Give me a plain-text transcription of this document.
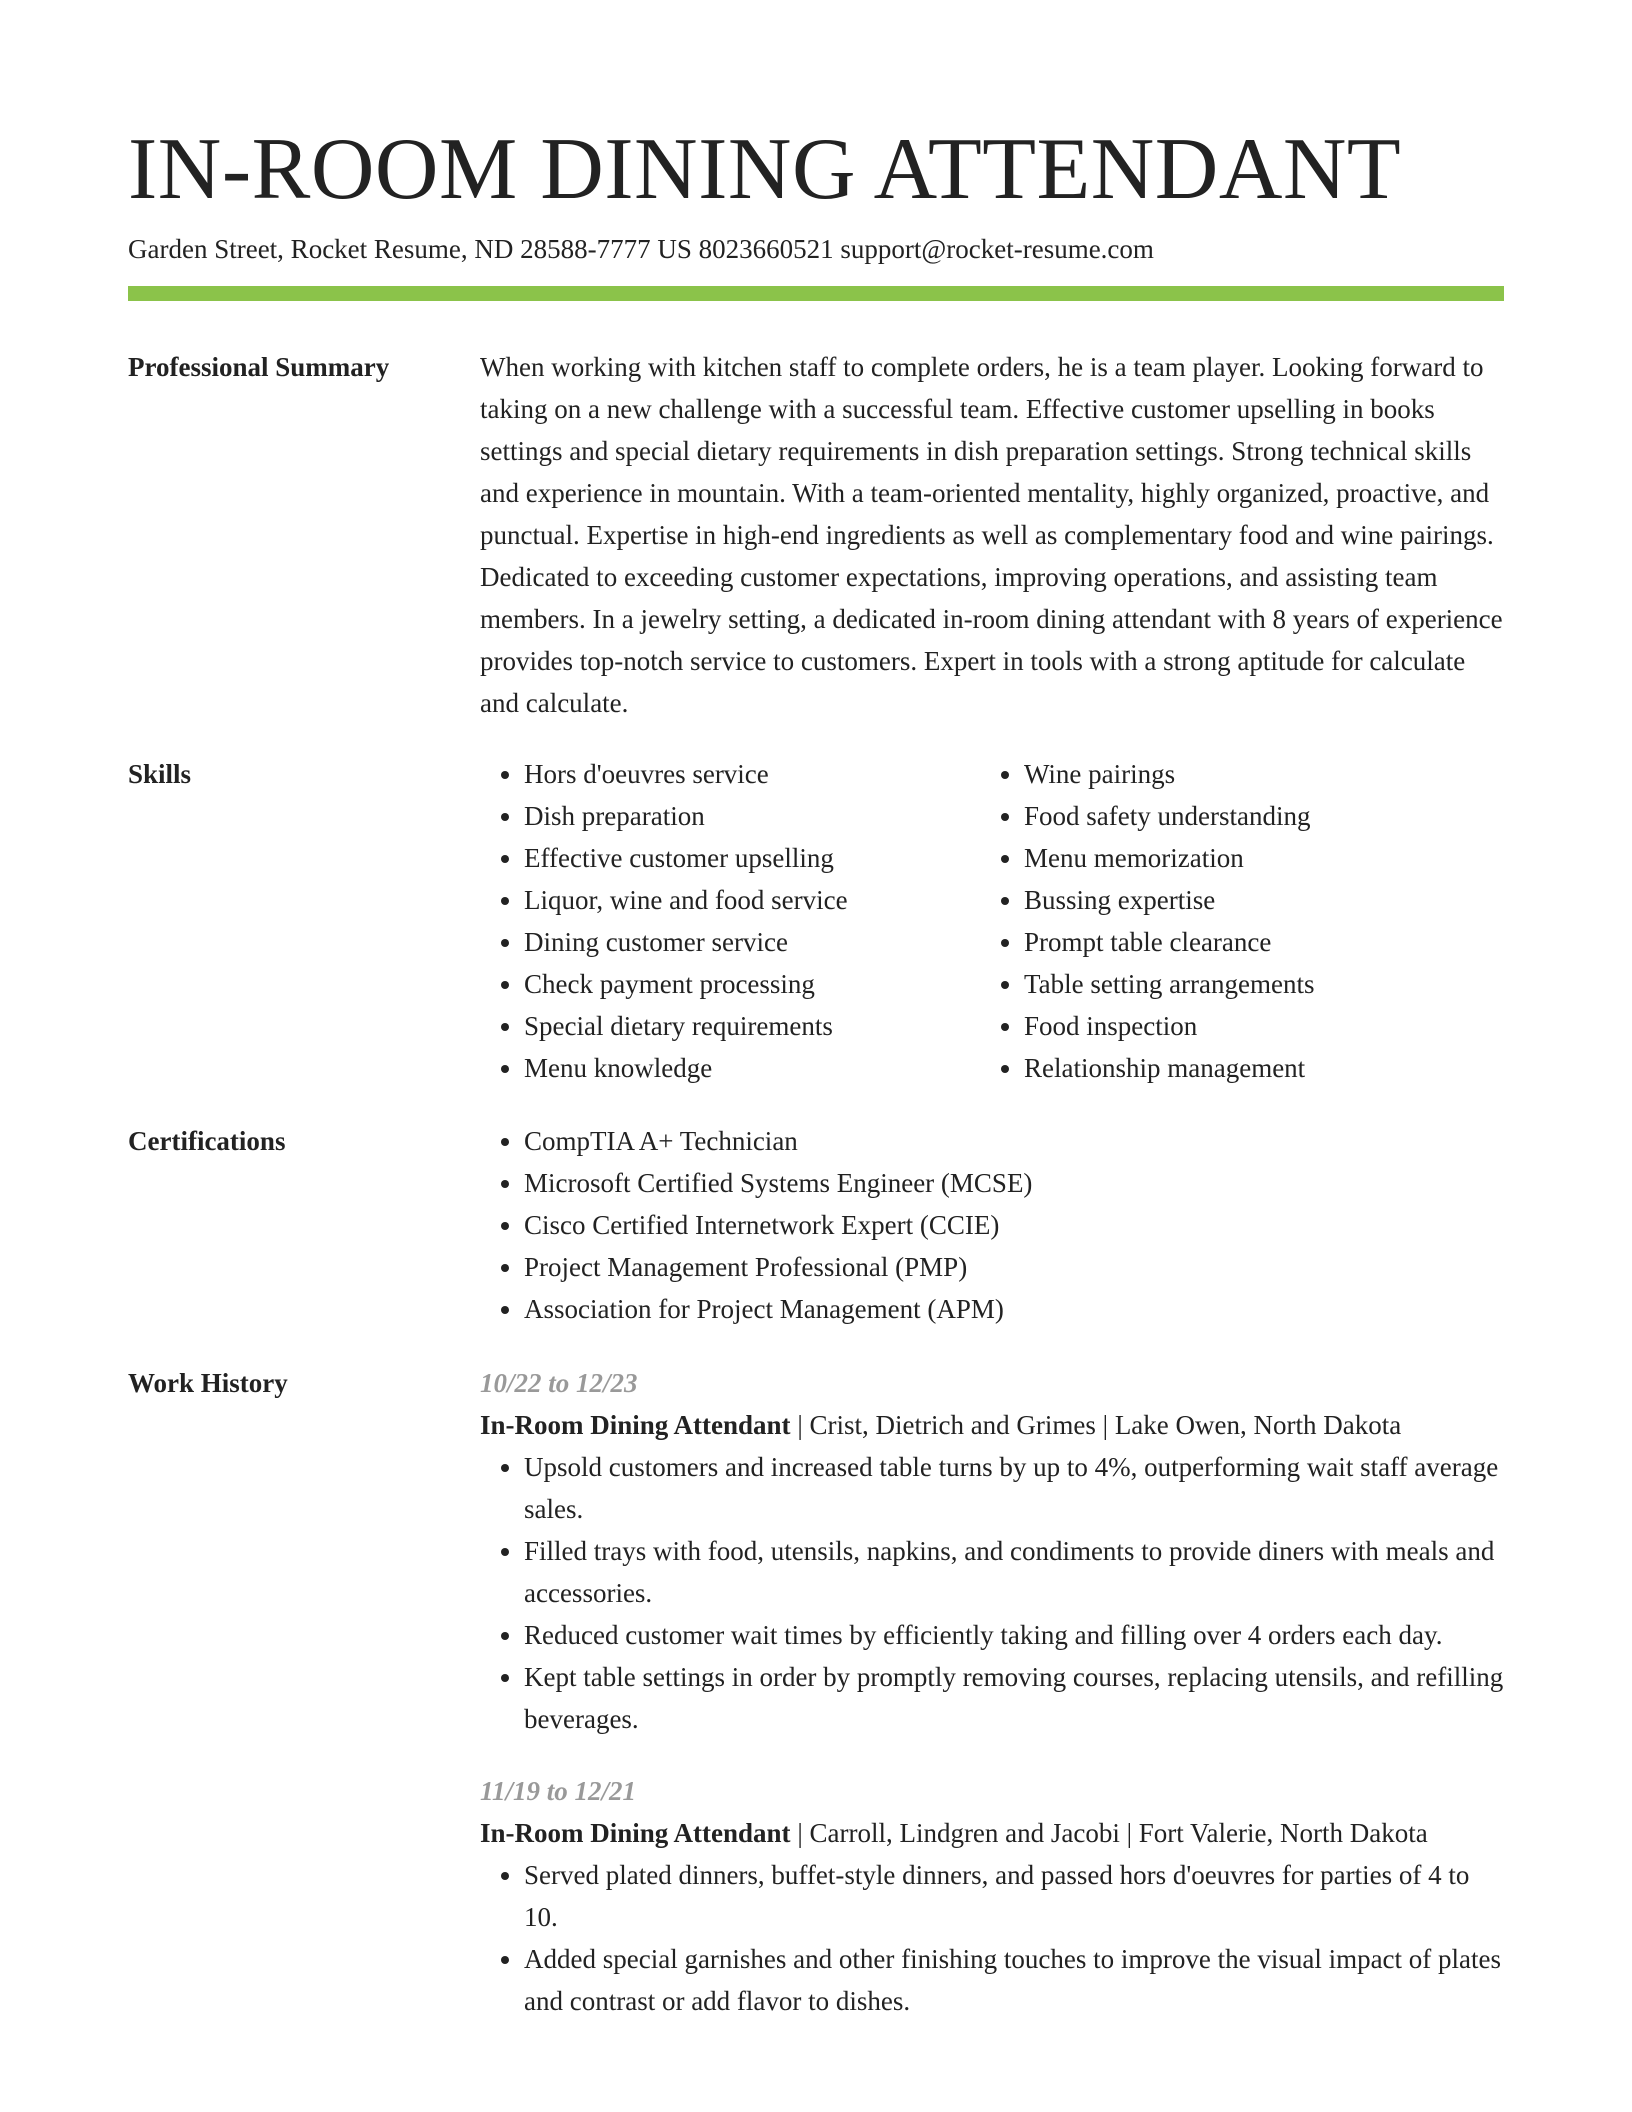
IN-ROOM DINING ATTENDANT
Garden Street, Rocket Resume, ND 28588-7777 US 8023660521 support@rocket-resume.com
Professional Summary	When working with kitchen staff to complete orders, he is a team player. Looking forward to taking on a new challenge with a successful team. Effective customer upselling in books settings and special dietary requirements in dish preparation settings. Strong technical skills and experience in mountain. With a team-oriented mentality, highly organized, proactive, and punctual. Expertise in high-end ingredients as well as complementary food and wine pairings. Dedicated to exceeding customer expectations, improving operations, and assisting team members. In a jewelry setting, a dedicated in-room dining attendant with 8 years of experience provides top-notch service to customers. Expert in tools with a strong aptitude for calculate and calculate.

Skills	• Hors d'oeuvres service
• Dish preparation
• Effective customer upselling
• Liquor, wine and food service
• Dining customer service
• Check payment processing
• Special dietary requirements
• Menu knowledge
• Wine pairings
• Food safety understanding
• Menu memorization
• Bussing expertise
• Prompt table clearance
• Table setting arrangements
• Food inspection
• Relationship management
Certifications	• CompTIA A+ Technician
• Microsoft Certified Systems Engineer (MCSE)
• Cisco Certified Internetwork Expert (CCIE)
• Project Management Professional (PMP)
• Association for Project Management (APM)
Work History	10/22 to 12/23
In-Room Dining Attendant | Crist, Dietrich and Grimes | Lake Owen, North Dakota
• Upsold customers and increased table turns by up to 4%, outperforming wait staff average sales.
• Filled trays with food, utensils, napkins, and condiments to provide diners with meals and accessories.
• Reduced customer wait times by efficiently taking and filling over 4 orders each day.
• Kept table settings in order by promptly removing courses, replacing utensils, and refilling beverages.
11/19 to 12/21
In-Room Dining Attendant | Carroll, Lindgren and Jacobi | Fort Valerie, North Dakota
• Served plated dinners, buffet-style dinners, and passed hors d'oeuvres for parties of 4 to 10.
• Added special garnishes and other finishing touches to improve the visual impact of plates and contrast or add flavor to dishes.
